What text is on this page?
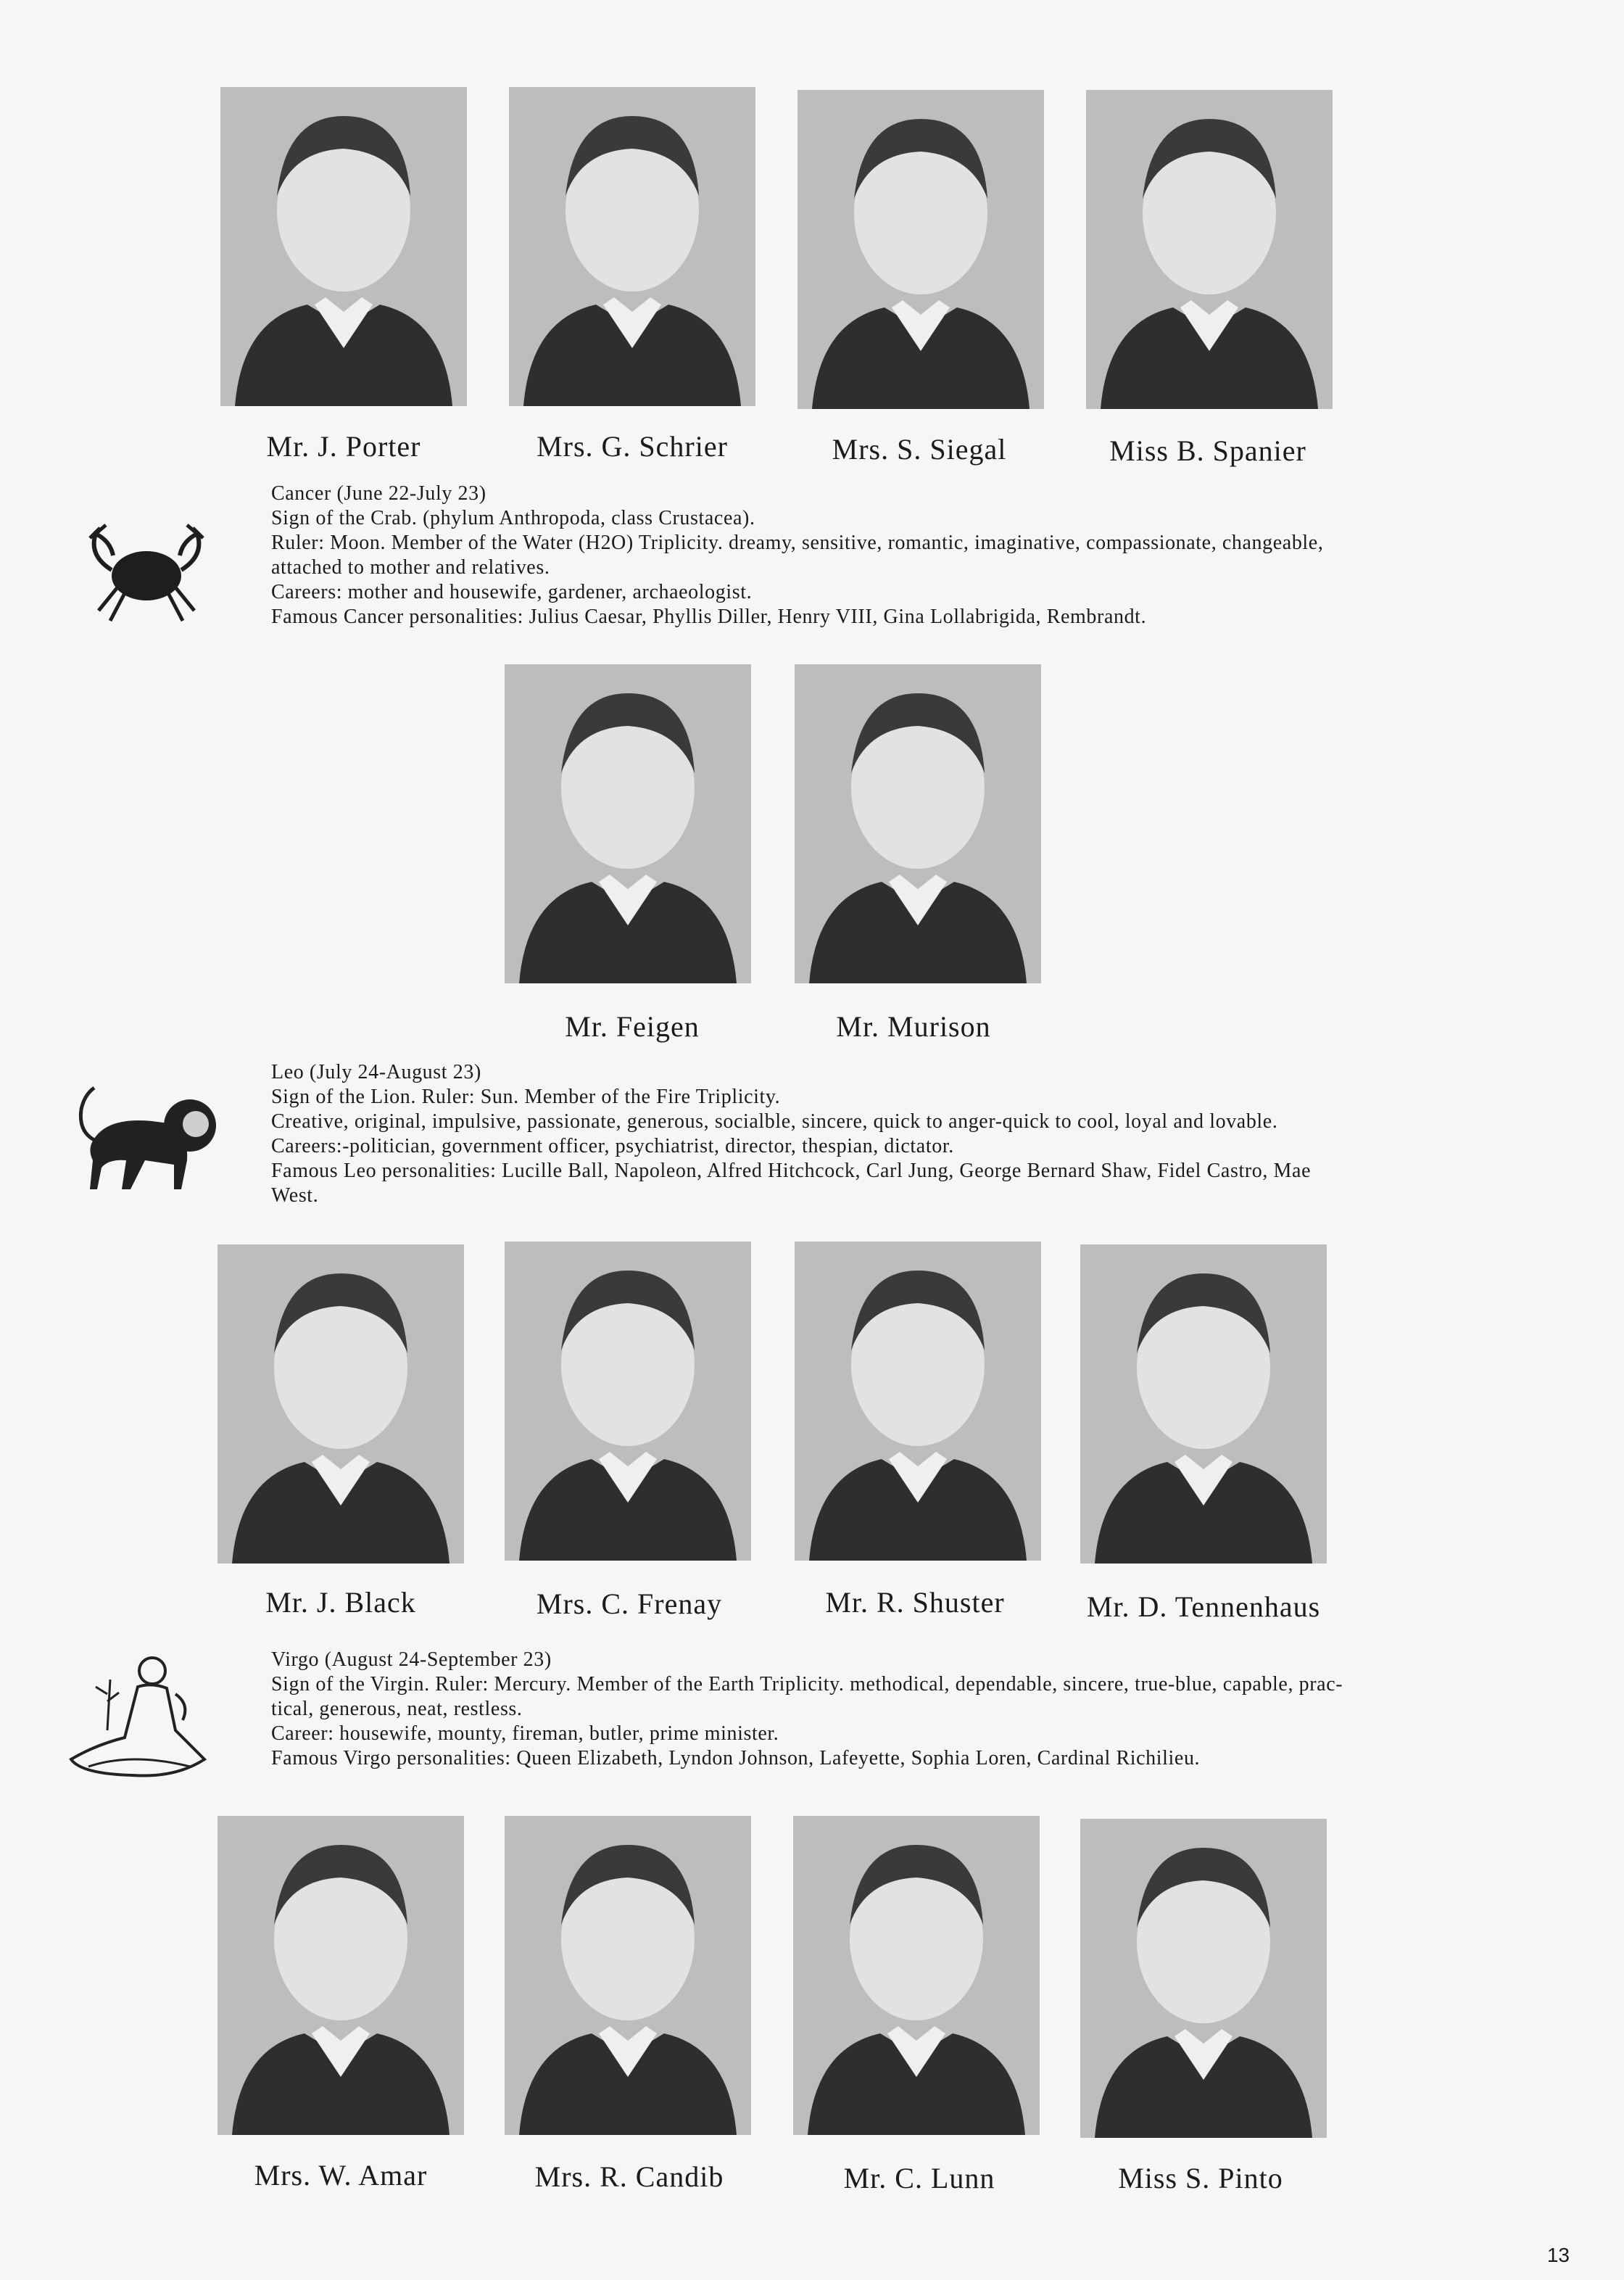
Mr. J. Porter	Mrs. G. Schrier	Mrs. S. Siegal	Miss B. Spanier
Cancer (June 22-July 23)
Sign of the Crab. (phylum Anthropoda, class Crustacea).
Ruler: Moon. Member of the Water (H2O) Triplicity. dreamy, sensitive, romantic, imaginative, compassionate, changeable,
attached to mother and relatives.
Careers: mother and housewife, gardener, archaeologist.
Famous Cancer personalities: Julius Caesar, Phyllis Diller, Henry VIII, Gina Lollabrigida, Rembrandt.
Mr. Feigen	Mr. Murison
Leo (July 24-August 23)
Sign of the Lion. Ruler: Sun. Member of the Fire Triplicity.
Creative, original, impulsive, passionate, generous, socialble, sincere, quick to anger-quick to cool, loyal and lovable.
Careers:-politician, government officer, psychiatrist, director, thespian, dictator.
Famous Leo personalities: Lucille Ball, Napoleon, Alfred Hitchcock, Carl Jung, George Bernard Shaw, Fidel Castro, Mae
West.
Mr. J. Black	Mrs. C. Frenay	Mr. R. Shuster	Mr. D. Tennenhaus
Virgo (August 24-September 23)
Sign of the Virgin. Ruler: Mercury. Member of the Earth Triplicity. methodical, dependable, sincere, true-blue, capable, prac-
tical, generous, neat, restless.
Career: housewife, mounty, fireman, butler, prime minister.
Famous Virgo personalities: Queen Elizabeth, Lyndon Johnson, Lafeyette, Sophia Loren, Cardinal Richilieu.
Mrs. W. Amar	Mrs. R. Candib	Mr. C. Lunn	Miss S. Pinto
13
